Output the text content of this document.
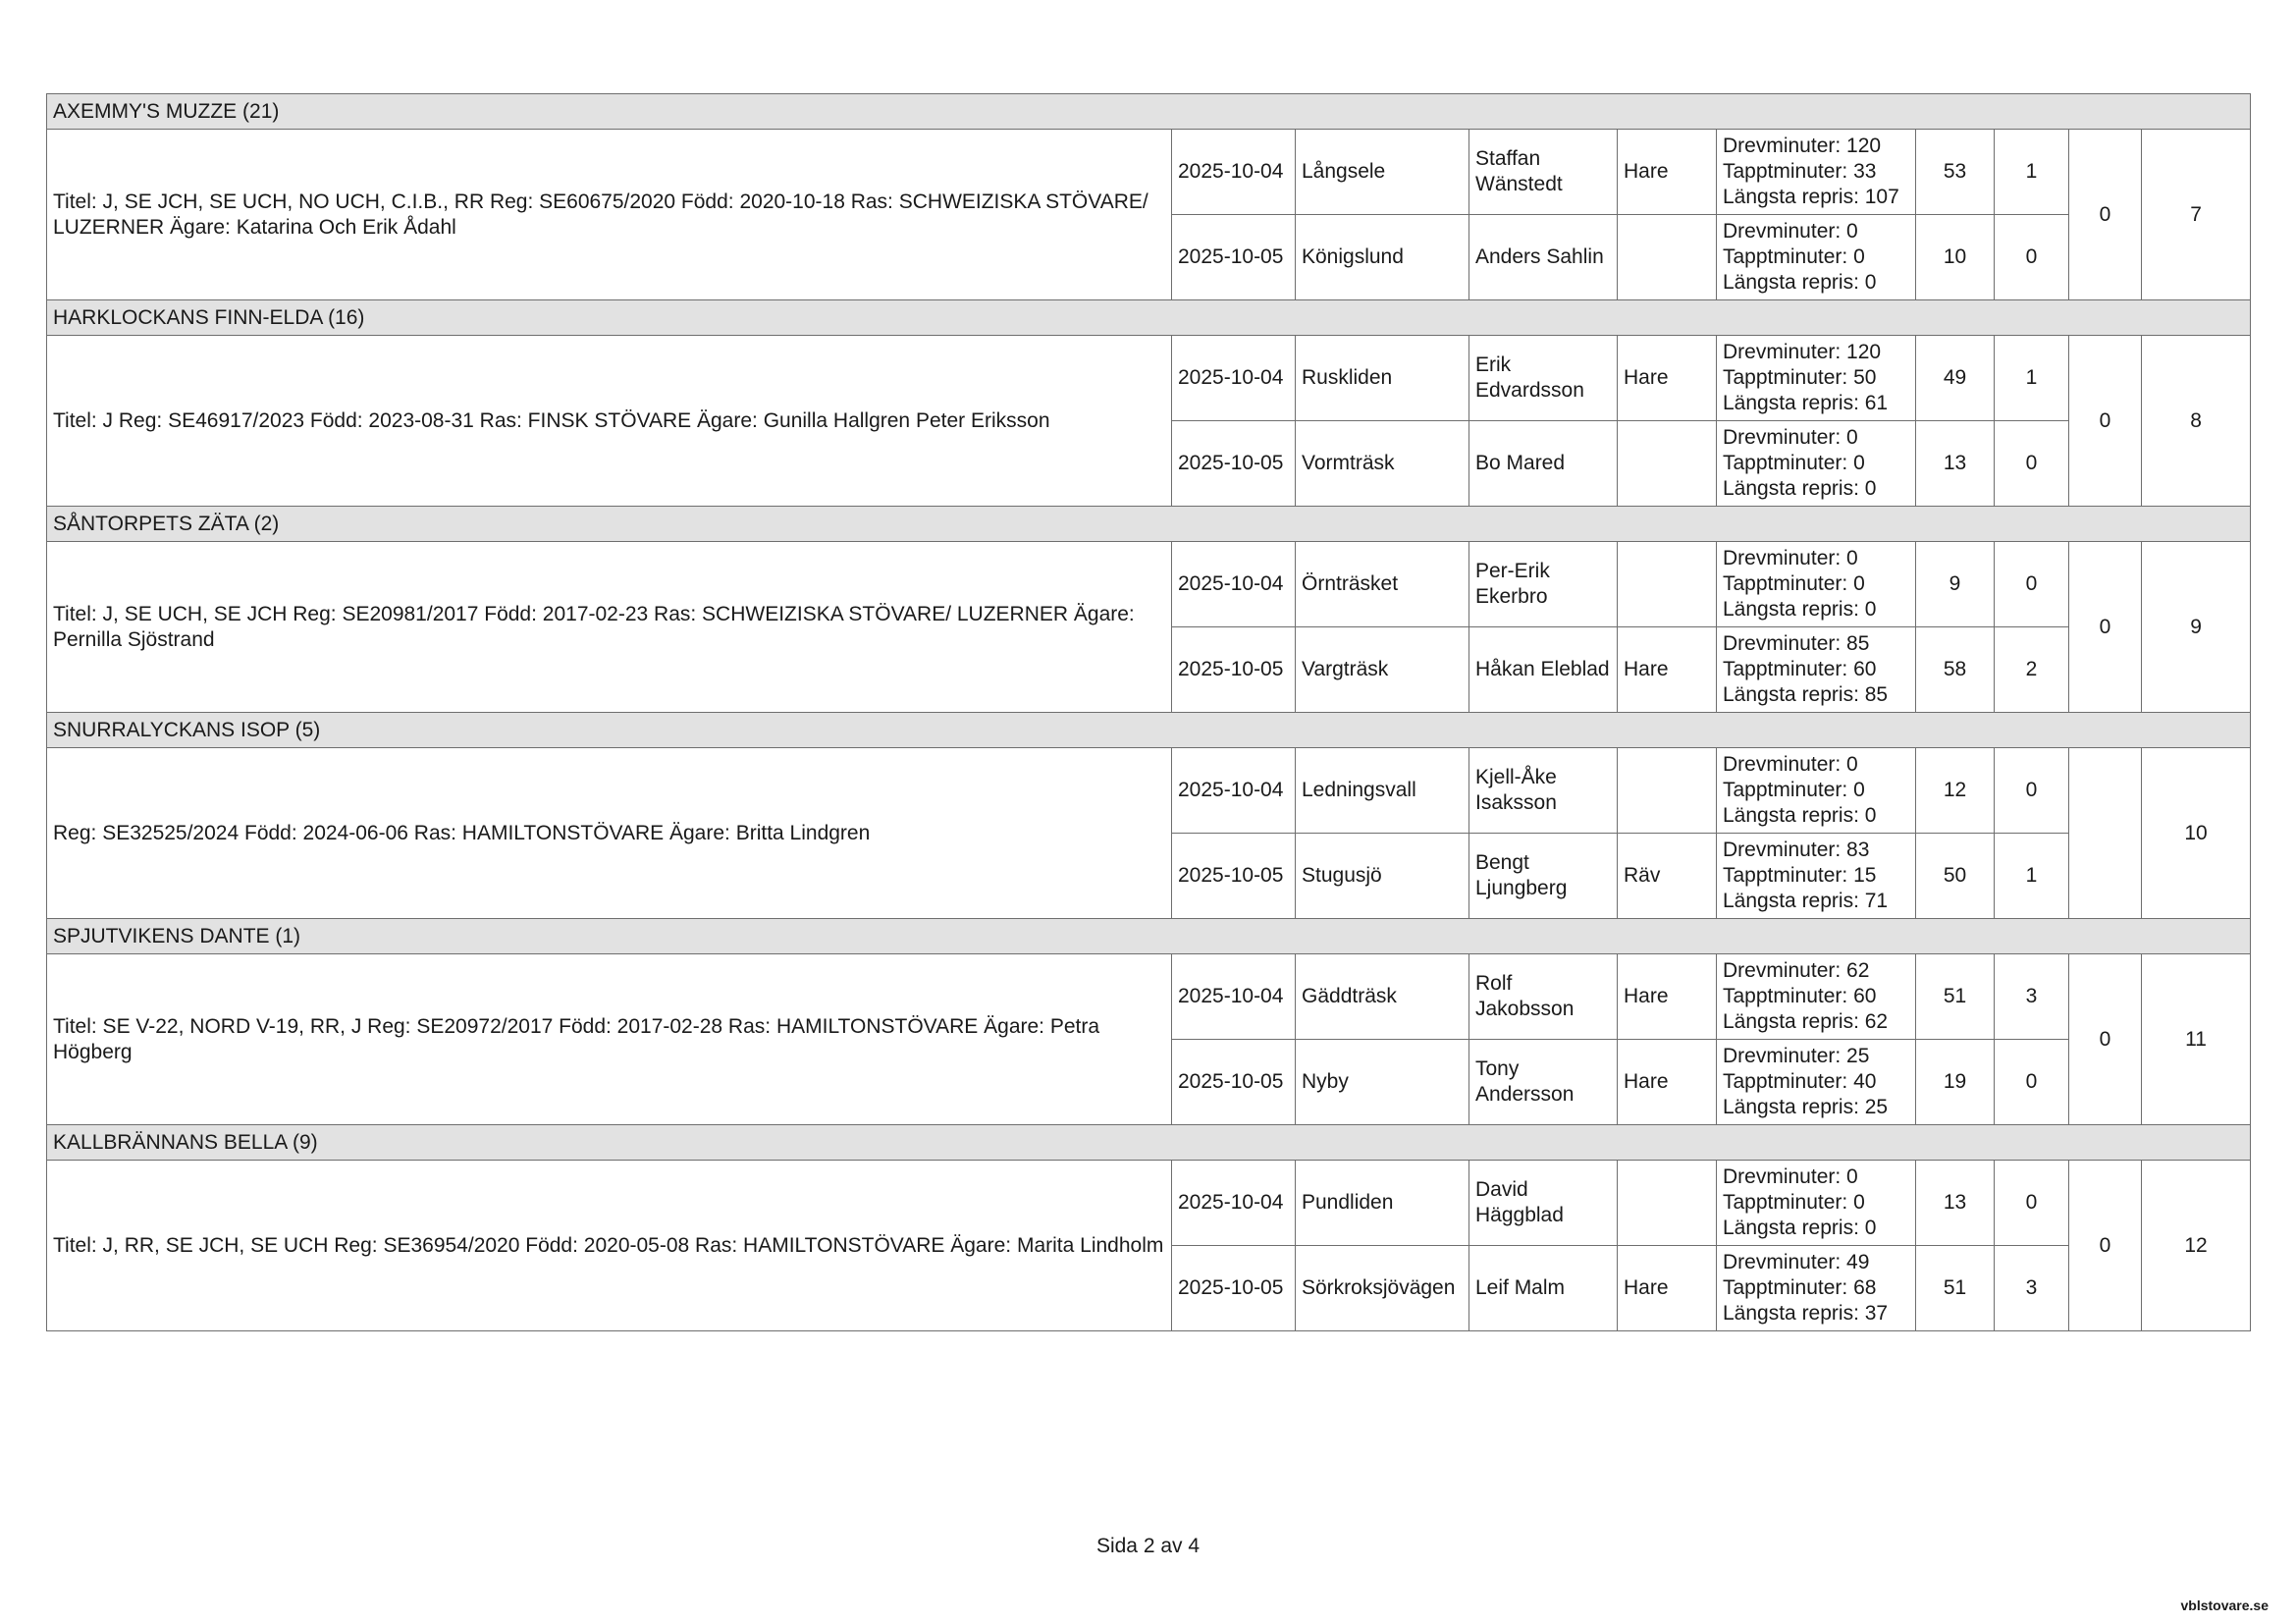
AXEMMY'S MUZZE (21)									
Titel: J, SE JCH, SE UCH, NO UCH, C.I.B., RR Reg: SE60675/2020 Född: 2020-10-18 Ras: SCHWEIZISKA STÖVARE/ LUZERNER Ägare: Katarina Och Erik Ådahl	2025-10-04	Långsele	Staffan Wänstedt	Hare	Drevminuter: 120
Tapptminuter: 33
Längsta repris: 107	53	1	0	7
	2025-10-05	Königslund	Anders Sahlin		Drevminuter: 0
Tapptminuter: 0
Längsta repris: 0	10	0		
HARKLOCKANS FINN-ELDA (16)									
Titel: J Reg: SE46917/2023 Född: 2023-08-31 Ras: FINSK STÖVARE Ägare: Gunilla Hallgren Peter Eriksson	2025-10-04	Ruskliden	Erik Edvardsson	Hare	Drevminuter: 120
Tapptminuter: 50
Längsta repris: 61	49	1	0	8
	2025-10-05	Vormträsk	Bo Mared		Drevminuter: 0
Tapptminuter: 0
Längsta repris: 0	13	0		
SÅNTORPETS ZÄTA (2)									
Titel: J, SE UCH, SE JCH Reg: SE20981/2017 Född: 2017-02-23 Ras: SCHWEIZISKA STÖVARE/ LUZERNER Ägare: Pernilla Sjöstrand	2025-10-04	Örnträsket	Per-Erik Ekerbro		Drevminuter: 0
Tapptminuter: 0
Längsta repris: 0	9	0	0	9
	2025-10-05	Vargträsk	Håkan Eleblad	Hare	Drevminuter: 85
Tapptminuter: 60
Längsta repris: 85	58	2		
SNURRALYCKANS ISOP (5)									
Reg: SE32525/2024 Född: 2024-06-06 Ras: HAMILTONSTÖVARE Ägare: Britta Lindgren	2025-10-04	Ledningsvall	Kjell-Åke Isaksson		Drevminuter: 0
Tapptminuter: 0
Längsta repris: 0	12	0		10
	2025-10-05	Stugusjö	Bengt Ljungberg	Räv	Drevminuter: 83
Tapptminuter: 15
Längsta repris: 71	50	1		
SPJUTVIKENS DANTE (1)									
Titel: SE V-22, NORD V-19, RR, J Reg: SE20972/2017 Född: 2017-02-28 Ras: HAMILTONSTÖVARE Ägare: Petra Högberg	2025-10-04	Gäddträsk	Rolf Jakobsson	Hare	Drevminuter: 62
Tapptminuter: 60
Längsta repris: 62	51	3	0	11
	2025-10-05	Nyby	Tony Andersson	Hare	Drevminuter: 25
Tapptminuter: 40
Längsta repris: 25	19	0		
KALLBRÄNNANS BELLA (9)									
Titel: J, RR, SE JCH, SE UCH Reg: SE36954/2020 Född: 2020-05-08 Ras: HAMILTONSTÖVARE Ägare: Marita Lindholm	2025-10-04	Pundliden	David Häggblad		Drevminuter: 0
Tapptminuter: 0
Längsta repris: 0	13	0	0	12
	2025-10-05	Sörkroksjövägen	Leif Malm	Hare	Drevminuter: 49
Tapptminuter: 68
Längsta repris: 37	51	3		
Sida 2 av 4
vblstovare.se
